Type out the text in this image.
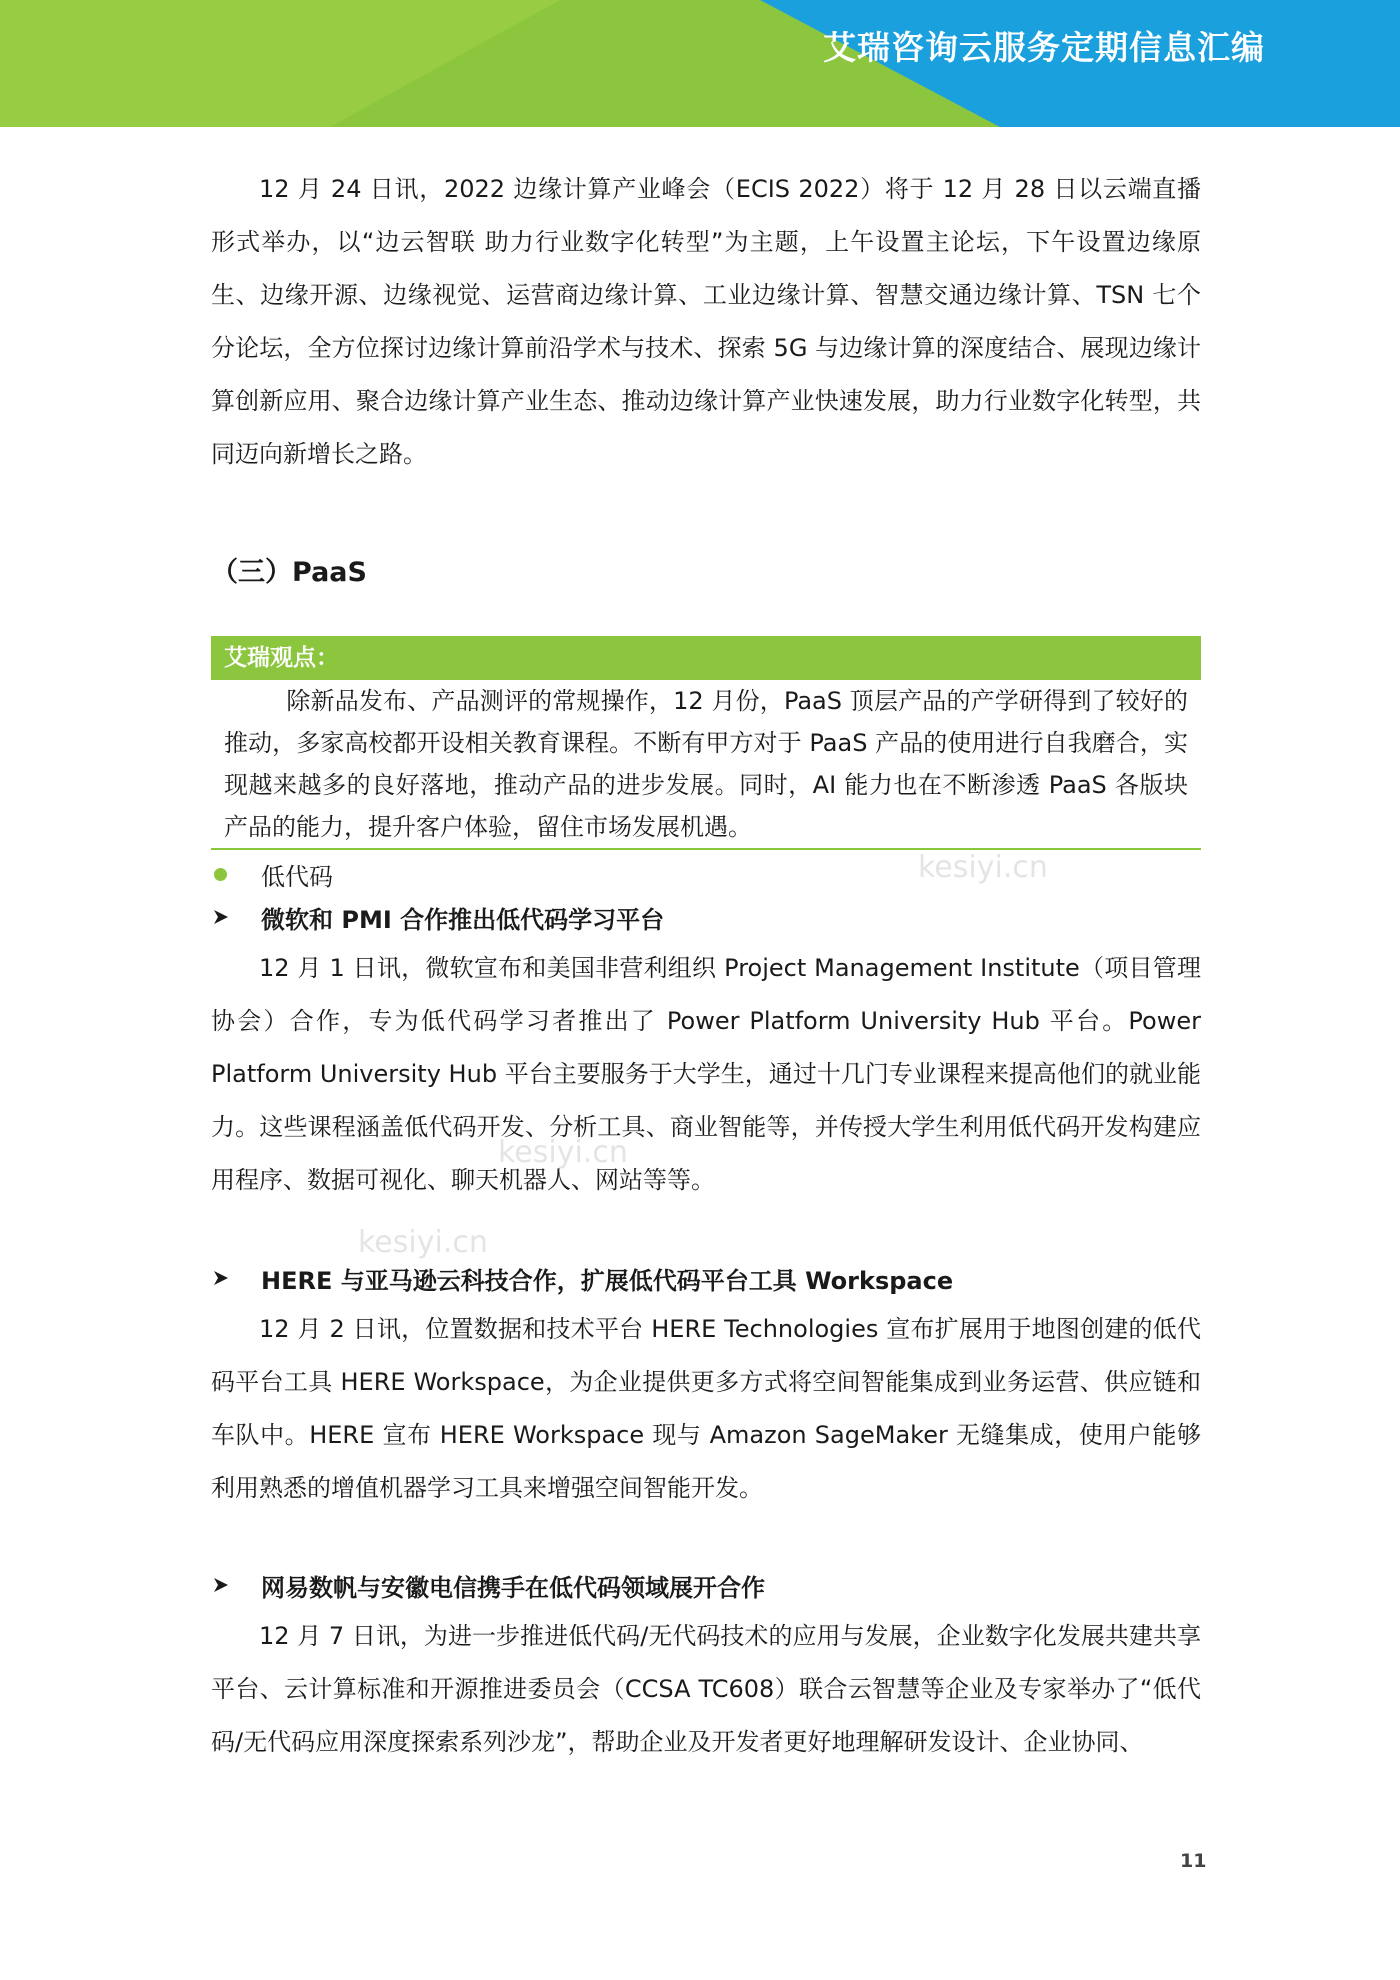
艾瑞咨询云服务定期信息汇编

12 月 24 日讯，2022 边缘计算产业峰会（ECIS 2022）将于 12 月 28 日以云端直播形式举办，以“边云智联 助力行业数字化转型”为主题，上午设置主论坛，下午设置边缘原生、边缘开源、边缘视觉、运营商边缘计算、工业边缘计算、智慧交通边缘计算、TSN 七个分论坛，全方位探讨边缘计算前沿学术与技术、探索 5G 与边缘计算的深度结合、展现边缘计算创新应用、聚合边缘计算产业生态、推动边缘计算产业快速发展，助力行业数字化转型，共同迈向新增长之路。

（三）PaaS
艾瑞观点：

除新品发布、产品测评的常规操作，12 月份，PaaS 顶层产品的产学研得到了较好的推动，多家高校都开设相关教育课程。不断有甲方对于 PaaS 产品的使用进行自我磨合，实现越来越多的良好落地，推动产品的进步发展。同时，AI 能力也在不断渗透 PaaS 各版块产品的能力，提升客户体验，留住市场发展机遇。

低代码
微软和 PMI 合作推出低代码学习平台

12 月 1 日讯，微软宣布和美国非营利组织 Project Management Institute（项目管理协会）合作，专为低代码学习者推出了 Power Platform University Hub 平台。Power Platform University Hub 平台主要服务于大学生，通过十几门专业课程来提高他们的就业能力。这些课程涵盖低代码开发、分析工具、商业智能等，并传授大学生利用低代码开发构建应用程序、数据可视化、聊天机器人、网站等等。

HERE 与亚马逊云科技合作，扩展低代码平台工具 Workspace

12 月 2 日讯，位置数据和技术平台 HERE Technologies 宣布扩展用于地图创建的低代码平台工具 HERE Workspace，为企业提供更多方式将空间智能集成到业务运营、供应链和车队中。HERE 宣布 HERE Workspace 现与 Amazon SageMaker 无缝集成，使用户能够利用熟悉的增值机器学习工具来增强空间智能开发。

网易数帆与安徽电信携手在低代码领域展开合作

12 月 7 日讯，为进一步推进低代码/无代码技术的应用与发展，企业数字化发展共建共享平台、云计算标准和开源推进委员会（CCSA TC608）联合云智慧等企业及专家举办了“低代码/无代码应用深度探索系列沙龙”，帮助企业及开发者更好地理解研发设计、企业协同、

kesiyi.cn
kesiyi.cn
kesiyi.cn
11
